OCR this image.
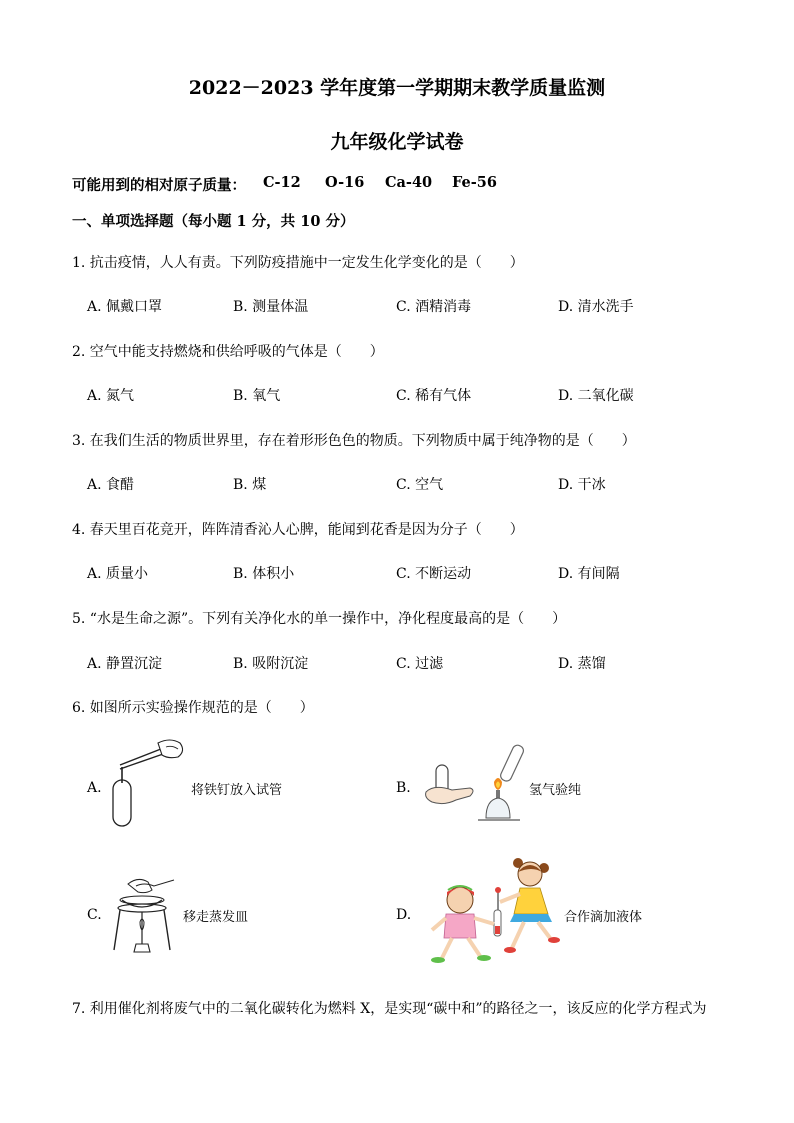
2022－2023 学年度第一学期期末教学质量监测
九年级化学试卷
可能用到的相对原子质量： C-12 O-16 Ca-40 Fe-56
一、单项选择题（每小题 1 分，共 10 分）
1. 抗击疫情，人人有责。下列防疫措施中一定发生化学变化的是（　　）
A. 佩戴口罩	B. 测量体温	C. 酒精消毒	D. 清水洗手
2. 空气中能支持燃烧和供给呼吸的气体是（　　）
A. 氮气	B. 氧气	C. 稀有气体	D. 二氧化碳
3. 在我们生活的物质世界里，存在着形形色色的物质。下列物质中属于纯净物的是（　　）
A. 食醋	B. 煤	C. 空气	D. 干冰
4. 春天里百花竞开，阵阵清香沁人心脾，能闻到花香是因为分子（　　）
A. 质量小	B. 体积小	C. 不断运动	D. 有间隔
5. “水是生命之源”。下列有关净化水的单一操作中，净化程度最高的是（　　）
A. 静置沉淀	B. 吸附沉淀	C. 过滤	D. 蒸馏
6. 如图所示实验操作规范的是（　　）
A.	将铁钉放入试管	B.	氢气验纯
C.	移走蒸发皿	D.	合作滴加液体
7. 利用催化剂将废气中的二氧化碳转化为燃料 X，是实现“碳中和”的路径之一，该反应的化学方程式为
